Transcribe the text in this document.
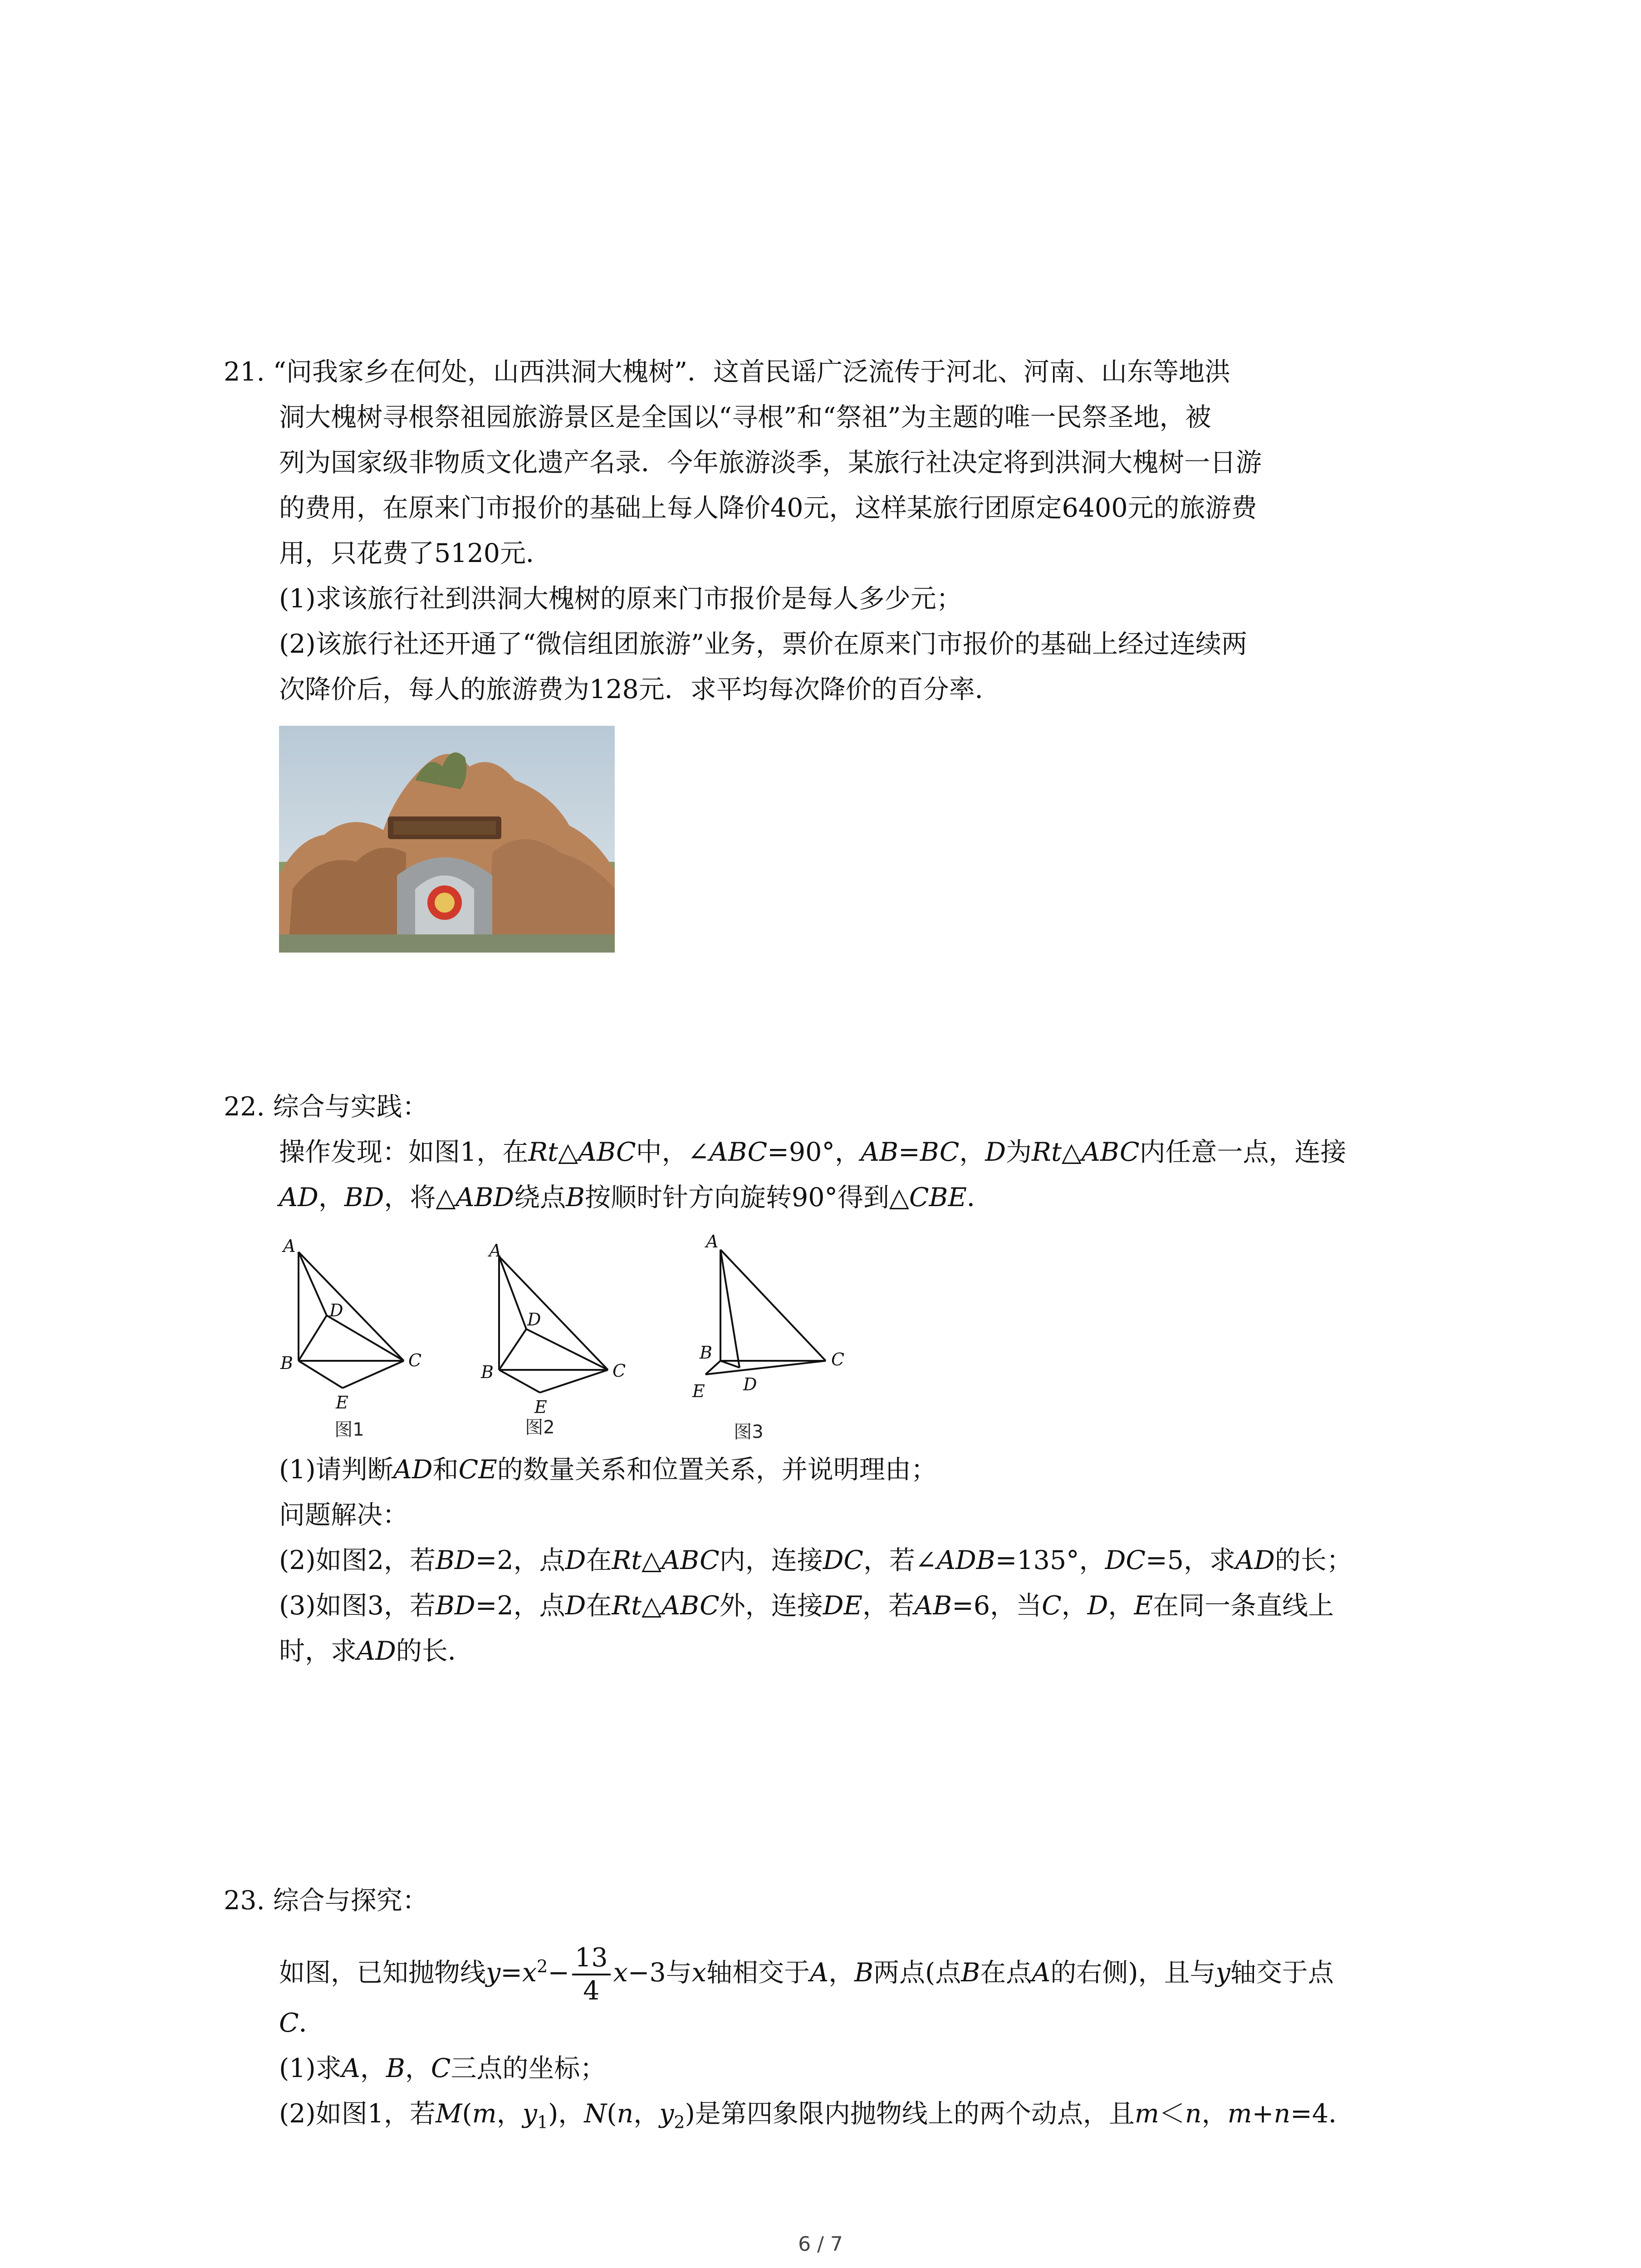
21. “问我家乡在何处，山西洪洞大槐树”．这首民谣广泛流传于河北、河南、山东等地洪
洞大槐树寻根祭祖园旅游景区是全国以“寻根”和“祭祖”为主题的唯一民祭圣地，被
列为国家级非物质文化遗产名录．今年旅游淡季，某旅行社决定将到洪洞大槐树一日游
的费用，在原来门市报价的基础上每人降价40元，这样某旅行团原定6400元的旅游费
用，只花费了5120元．
(1)求该旅行社到洪洞大槐树的原来门市报价是每人多少元；
(2)该旅行社还开通了“微信组团旅游”业务，票价在原来门市报价的基础上经过连续两
次降价后，每人的旅游费为128元．求平均每次降价的百分率．
22. 综合与实践：
操作发现：如图1，在Rt△ABC中，∠ABC=90°，AB=BC，D为Rt△ABC内任意一点，连接
AD，BD，将△ABD绕点B按顺时针方向旋转90°得到△CBE．
A
D
B	C
E
图1
A
D
B	C
E
图2
A
B	C
D
E
图3
(1)请判断AD和CE的数量关系和位置关系，并说明理由；
问题解决：
(2)如图2，若BD=2，点D在Rt△ABC内，连接DC，若∠ADB=135°，DC=5，求AD的长；
(3)如图3，若BD=2，点D在Rt△ABC外，连接DE，若AB=6，当C，D，E在同一条直线上
时，求AD的长．
23. 综合与探究：
如图，已知抛物线$y=x^2- \frac{13}{4} x-3$与x轴相交于A，B两点(点B在点A的右侧)，且与y轴交于点
C．
(1)求A，B，C三点的坐标；
(2)如图1，若M(m，$y_1$)，N(n，$y_2$)是第四象限内抛物线上的两个动点，且m＜n，m+n=4．
6 / 7
